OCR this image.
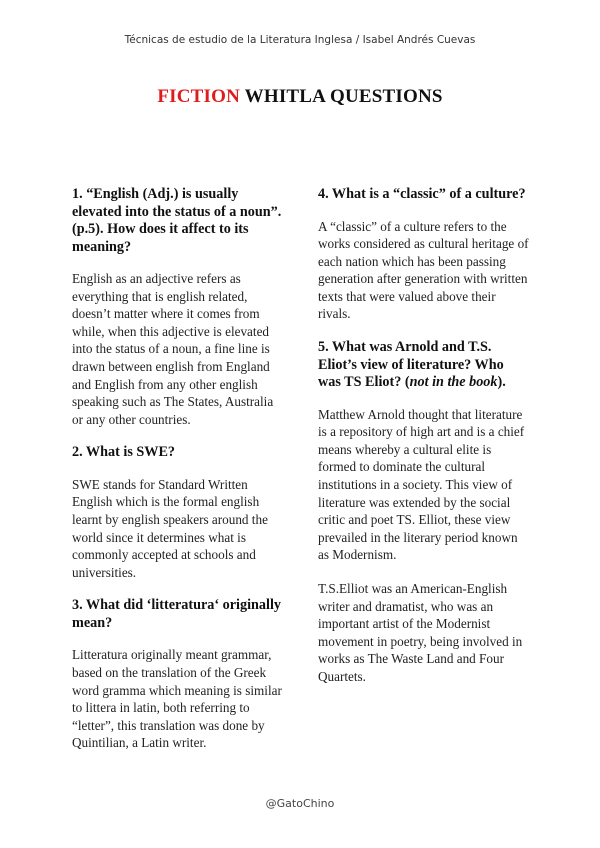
Técnicas de estudio de la Literatura Inglesa / Isabel Andrés Cuevas
FICTION WHITLA QUESTIONS
1. “English (Adj.) is usually elevated into the status of a noun”. (p.5). How does it affect to its meaning?

English as an adjective refers as everything that is english related, doesn’t matter where it comes from while, when this adjective is elevated into the status of a noun, a fine line is drawn between english from England and English from any other english speaking such as The States, Australia or any other countries.

2. What is SWE?

SWE stands for Standard Written English which is the formal english learnt by english speakers around the world since it determines what is commonly accepted at schools and universities.

3. What did ‘litteratura‘ originally mean?

Litteratura originally meant grammar, based on the translation of the Greek word gramma which meaning is similar to littera in latin, both referring to “letter”, this translation was done by Quintilian, a Latin writer.

4. What is a “classic” of a culture?

A “classic” of a culture refers to the works considered as cultural heritage of each nation which has been passing generation after generation with written texts that were valued above their rivals.

5. What was Arnold and T.S. Eliot’s view of literature? Who was TS Eliot? (not in the book).

Matthew Arnold thought that literature is a repository of high art and is a chief means whereby a cultural elite is formed to dominate the cultural institutions in a society. This view of literature was extended by the social critic and poet TS. Elliot, these view prevailed in the literary period known as Modernism.

T.S.Elliot was an American-English writer and dramatist, who was an important artist of the Modernist movement in poetry, being involved in works as The Waste Land and Four Quartets.

@GatoChino
